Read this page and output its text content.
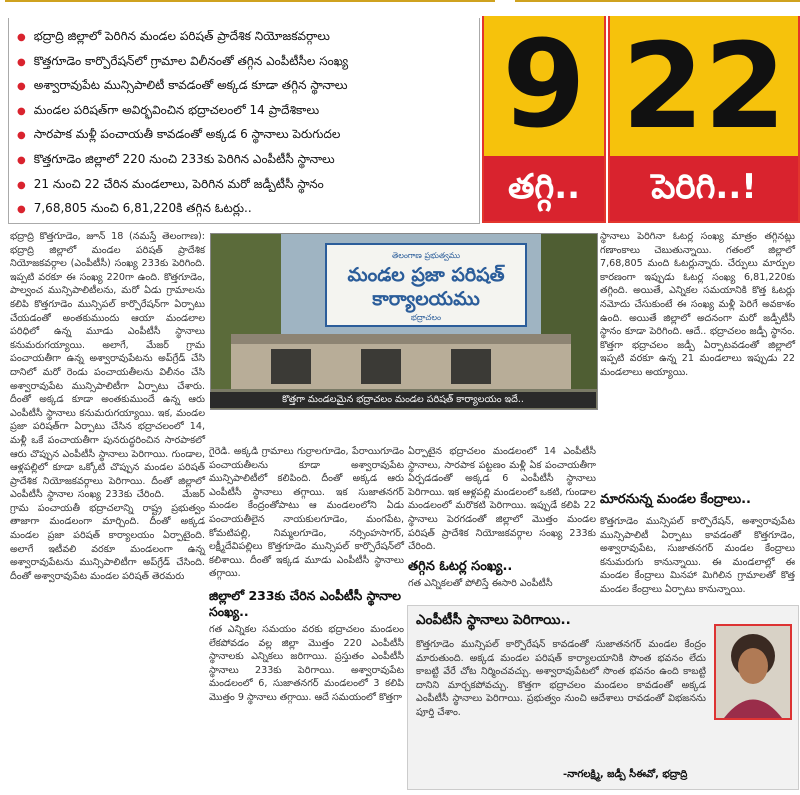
● భద్రాద్రి జిల్లాలో పెరిగిన మండల పరిషత్ ప్రాదేశిక నియోజకవర్గాలు
● కొత్తగూడెం కార్పొరేషన్‌లో గ్రామాల విలీనంతో తగ్గిన ఎంపీటీసీల సంఖ్య
● అశ్వారావుపేట మున్సిపాలిటీ కావడంతో అక్కడ కూడా తగ్గిన స్థానాలు
● మండల పరిషత్‌గా అవిర్భవించిన భద్రాచలంలో 14 ప్రాదేశికాలు
● సారపాక మళ్లీ పంచాయతీ కావడంతో అక్కడ 6 స్థానాలు పెరుగుదల
● కొత్తగూడెం జిల్లాలో 220 నుంచి 233కు పెరిగిన ఎంపీటీసీ స్థానాలు
● 21 నుంచి 22 చేరిన మండలాలు, పెరిగిన మరో జడ్పీటీసీ స్థానం
● 7,68,805 నుంచి 6,81,220కి తగ్గిన ఓటర్లు..
9
తగ్గి..
22
పెరిగి..!
భద్రాద్రి కొత్తగూడెం, జూన్ 18 (నమస్తే తెలంగాణ): భద్రాద్రి జిల్లాలో మండల పరిషత్ ప్రాదేశిక నియోజకవర్గాల (ఎంపీటీసీ) సంఖ్య 233కు పెరిగింది. ఇప్పటి వరకూ ఈ సంఖ్య 220గా ఉంది. కొత్తగూడెం, పాల్వంచ మున్సిపాలిటీలను, మరో ఏడు గ్రామాలను కలిపి కొత్తగూడెం మున్సిపల్ కార్పొరేషన్‌గా ఏర్పాటు చేయడంతో అంతకుముందు ఆయా మండలాల పరిధిలో ఉన్న మూడు ఎంపీటీసీ స్థానాలు కనుమరుగయ్యాయి. అలాగే, మేజర్ గ్రామ పంచాయతీగా ఉన్న అశ్వారావుపేటను అప్‌గ్రేడ్ చేసి దానిలో మరో రెండు పంచాయతీలను విలీనం చేసి అశ్వారావుపేట మున్సిపాలిటీగా ఏర్పాటు చేశారు. దీంతో అక్కడ కూడా అంతకుముందే ఉన్న ఆరు ఎంపీటీసీ స్థానాలు కనుమరుగయ్యాయి. ఇక, మండల ప్రజా పరిషత్‌గా ఏర్పాటు చేసిన భద్రాచలంలో 14, మళ్లీ ఒకే పంచాయతీగా పునరుద్ధరించిన సారపాకలో ఆరు చొప్పున ఎంపీటీసీ స్థానాలు పెరిగాయి. గుండాల, ఆళ్లపల్లిలో కూడా ఒక్కోటి చొప్పున మండల పరిషత్ ప్రాదేశిక నియోజకవర్గాలు పెరిగాయి. దీంతో జిల్లాలో ఎంపీటీసీ స్థానాల సంఖ్య 233కు చేరింది.    మేజర్ గ్రామ పంచాయతీ భద్రాచలాన్ని రాష్ట్ర ప్రభుత్వం తాజాగా మండలంగా మార్చింది. దీంతో అక్కడ మండల ప్రజా పరిషత్ కార్యాలయం ఏర్పాటైంది. అలాగే ఇటీవలి వరకూ మండలంగా ఉన్న అశ్వారావుపేటను మున్సిపాలిటీగా అప్‌గ్రేడ్ చేసింది. దీంతో అశ్వారావుపేట మండల పరిషత్ తెరమరు
తెలంగాణ ప్రభుత్వము
మండల ప్రజా పరిషత్
కార్యాలయము
భద్రాచలం
కొత్తగా మండలమైన భద్రాచలం మండల పరిషత్ కార్యాలయం ఇదే..
గైరెడి. అక్కడి గ్రామాలు గుర్రాలగూడెం, పేరాయిగూడెం పంచాయతీలను కూడా అశ్వారావుపేట మున్సిపాలిటీలో కలిపింది. దీంతో అక్కడ ఆరు ఎంపీటీసీ స్థానాలు తగ్గాయి. ఇక సుజాతనగర్ మండల కేంద్రంతోపాటు ఆ మండలంలోని ఏడు పంచాయతీలైన నాయకులగూడెం, మంగపేట, కోమటిపల్లి, నిమ్మలగూడెం, నర్సింహసాగర్, లక్ష్మీదేవిపల్లిలు కొత్తగూడెం మున్సిపల్ కార్పొరేషన్‌లో కలిశాయి. దీంతో ఇక్కడ మూడు ఎంపీటీసీ స్థానాలు తగ్గాయి.
ఏర్పాటైన భద్రాచలం మండలంలో 14 ఎంపీటీసీ స్థానాలు, సారపాక పట్టణం మళ్లీ ఏక పంచాయతీగా ఏర్పడడంతో అక్కడ 6 ఎంపీటీసీ స్థానాలు పెరిగాయి. ఇక ఆళ్లపల్లి మండలంలో ఒకటి, గుండాల మండలంలో మరొకటి పెరిగాయి. ఇప్పుడే కలిపి 22 స్థానాలు పెరగడంతో జిల్లాలో మొత్తం మండల పరిషత్ ప్రాదేశిక నియోజకవర్గాల సంఖ్య 233కు చేరింది.
స్థానాలు పెరిగినా ఓటర్ల సంఖ్య మాత్రం తగ్గినట్లు గణాంకాలు చెబుతున్నాయి. గతంలో జిల్లాలో 7,68,805 మంది ఓటర్లున్నారు. చేర్పులు మార్పుల కారణంగా ఇప్పుడు ఓటర్ల సంఖ్య 6,81,220కు తగ్గింది. అయితే, ఎన్నికల సమయానికి కొత్త ఓటర్లు నమోదు చేసుకుంటే ఈ సంఖ్య మళ్లీ పెరిగే అవకాశం ఉంది. అయితే జిల్లాలో అదనంగా మరో జడ్పీటీసీ స్థానం కూడా పెరిగింది. ఆదే.. భద్రాచలం జడ్పీ స్థానం. కొత్తగా భద్రాచలం జడ్పీ ఏర్పాటవడంతో జిల్లాలో ఇప్పటి వరకూ ఉన్న 21 మండలాలు ఇప్పుడు 22 మండలాలు అయ్యాయి.
జిల్లాలో 233కు చేరిన ఎంపీటీసీ స్థానాల సంఖ్య..
గత ఎన్నికల సమయం వరకు భద్రాచలం మండలం లేకపోవడం వల్ల జిల్లా మొత్తం 220 ఎంపీటీసీ స్థానాలకు ఎన్నికలు జరిగాయి. ప్రస్తుతం ఎంపీటీసీ స్థానాలు 233కు పెరిగాయి. అశ్వారావుపేట మండలంలో 6, సుజాతనగర్ మండలంలో 3 కలిపి మొత్తం 9 స్థానాలు తగ్గాయి. ఆదే సమయంలో కొత్తగా
తగ్గిన ఓటర్ల సంఖ్య..
గత ఎన్నికలతో పోలిస్తే ఈసారి ఎంపీటీసీ
మారనున్న మండల కేంద్రాలు..
కొత్తగూడెం మున్సిపల్ కార్పొరేషన్, అశ్వారావుపేట మున్సిపాలిటీ ఏర్పాటు కావడంతో కొత్తగూడెం, అశ్వారావుపేట, సుజాతనగర్ మండల కేంద్రాలు కనుమరుగు కానున్నాయి. ఈ మండలాల్లో ఈ మండల కేంద్రాలు మినహా మిగిలిన గ్రామాలతో కొత్త మండల కేంద్రాలు ఏర్పాటు కానున్నాయి.
ఎంపీటీసీ స్థానాలు పెరిగాయి..
కొత్తగూడెం మున్సిపల్ కార్పొరేషన్ కావడంతో సుజాతనగర్ మండల కేంద్రం మారుతుంది. అక్కడ మండల పరిషత్ కార్యాలయానికి సొంత భవనం లేదు కాబట్టి వేరే చోట నిర్మించవచ్చు. అశ్వారావుపేటలో సొంత భవనం ఉంది కాబట్టి దానిని మార్చకపోవచ్చు. కొత్తగా భద్రాచలం మండలం కావడంతో అక్కడ ఎంపీటీసీ స్థానాలు పెరిగాయి. ప్రభుత్వం నుంచి ఆదేశాలు రావడంతో విభజనను పూర్తి చేశాం.
-నాగలక్ష్మి, జడ్పీ సీఈవో, భద్రాద్రి
